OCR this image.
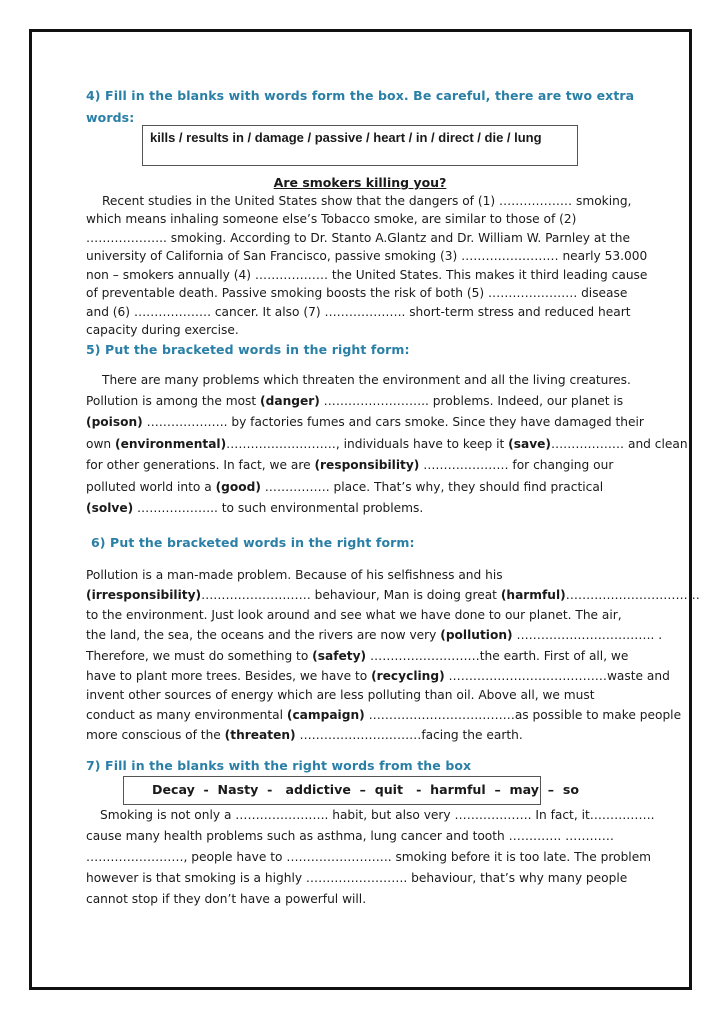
4) Fill in the blanks with words form the box. Be careful, there are two extra
words:
kills / results in / damage / passive / heart / in / direct / die / lung
Are smokers killing you?
Recent studies in the United States show that the dangers of (1) ……………… smoking,
which means inhaling someone else’s Tobacco smoke, are similar to those of (2)
……………….. smoking. According to Dr. Stanto A.Glantz and Dr. William W. Parnley at the
university of California of San Francisco, passive smoking (3) …………………… nearly 53.000
non – smokers annually (4) ……………… the United States. This makes it third leading cause
of preventable death. Passive smoking boosts the risk of both (5) …………………. disease
and (6) ………………. cancer. It also (7) ……………….. short-term stress and reduced heart
capacity during exercise.
5) Put the bracketed words in the right form:
There are many problems which threaten the environment and all the living creatures.
Pollution is among the most (danger) …………………….. problems. Indeed, our planet is
(poison) ……………….. by factories fumes and cars smoke. Since they have damaged their
own (environmental)………………………, individuals have to keep it (save)……………… and clean
for other generations. In fact, we are (responsibility) ………………… for changing our
polluted world into a (good) ……………. place. That’s why, they should find practical
(solve) ……………….. to such environmental problems.
6) Put the bracketed words in the right form:
Pollution is a man-made problem. Because of his selfishness and his
(irresponsibility)……………………… behaviour, Man is doing great (harmful)……………………………
to the environment. Just look around and see what we have done to our planet. The air,
the land, the sea, the oceans and the rivers are now very (pollution) ……………………………. .
Therefore, we must do something to (safety) ………………………the earth. First of all, we
have to plant more trees. Besides, we have to (recycling) …………………………………waste and
invent other sources of energy which are less polluting than oil. Above all, we must
conduct as many environmental (campaign) ………………………………as possible to make people
more conscious of the (threaten) …………………………facing the earth.
7) Fill in the blanks with the right words from the box
Decay  -  Nasty  -   addictive  –  quit   -  harmful  –  may  –  so
Smoking is not only a ………………….. habit, but also very ………………. In fact, it…………….
cause many health problems such as asthma, lung cancer and tooth …………. …………
……………………, people have to …………………….. smoking before it is too late. The problem
however is that smoking is a highly ……………………. behaviour, that’s why many people
cannot stop if they don’t have a powerful will.
